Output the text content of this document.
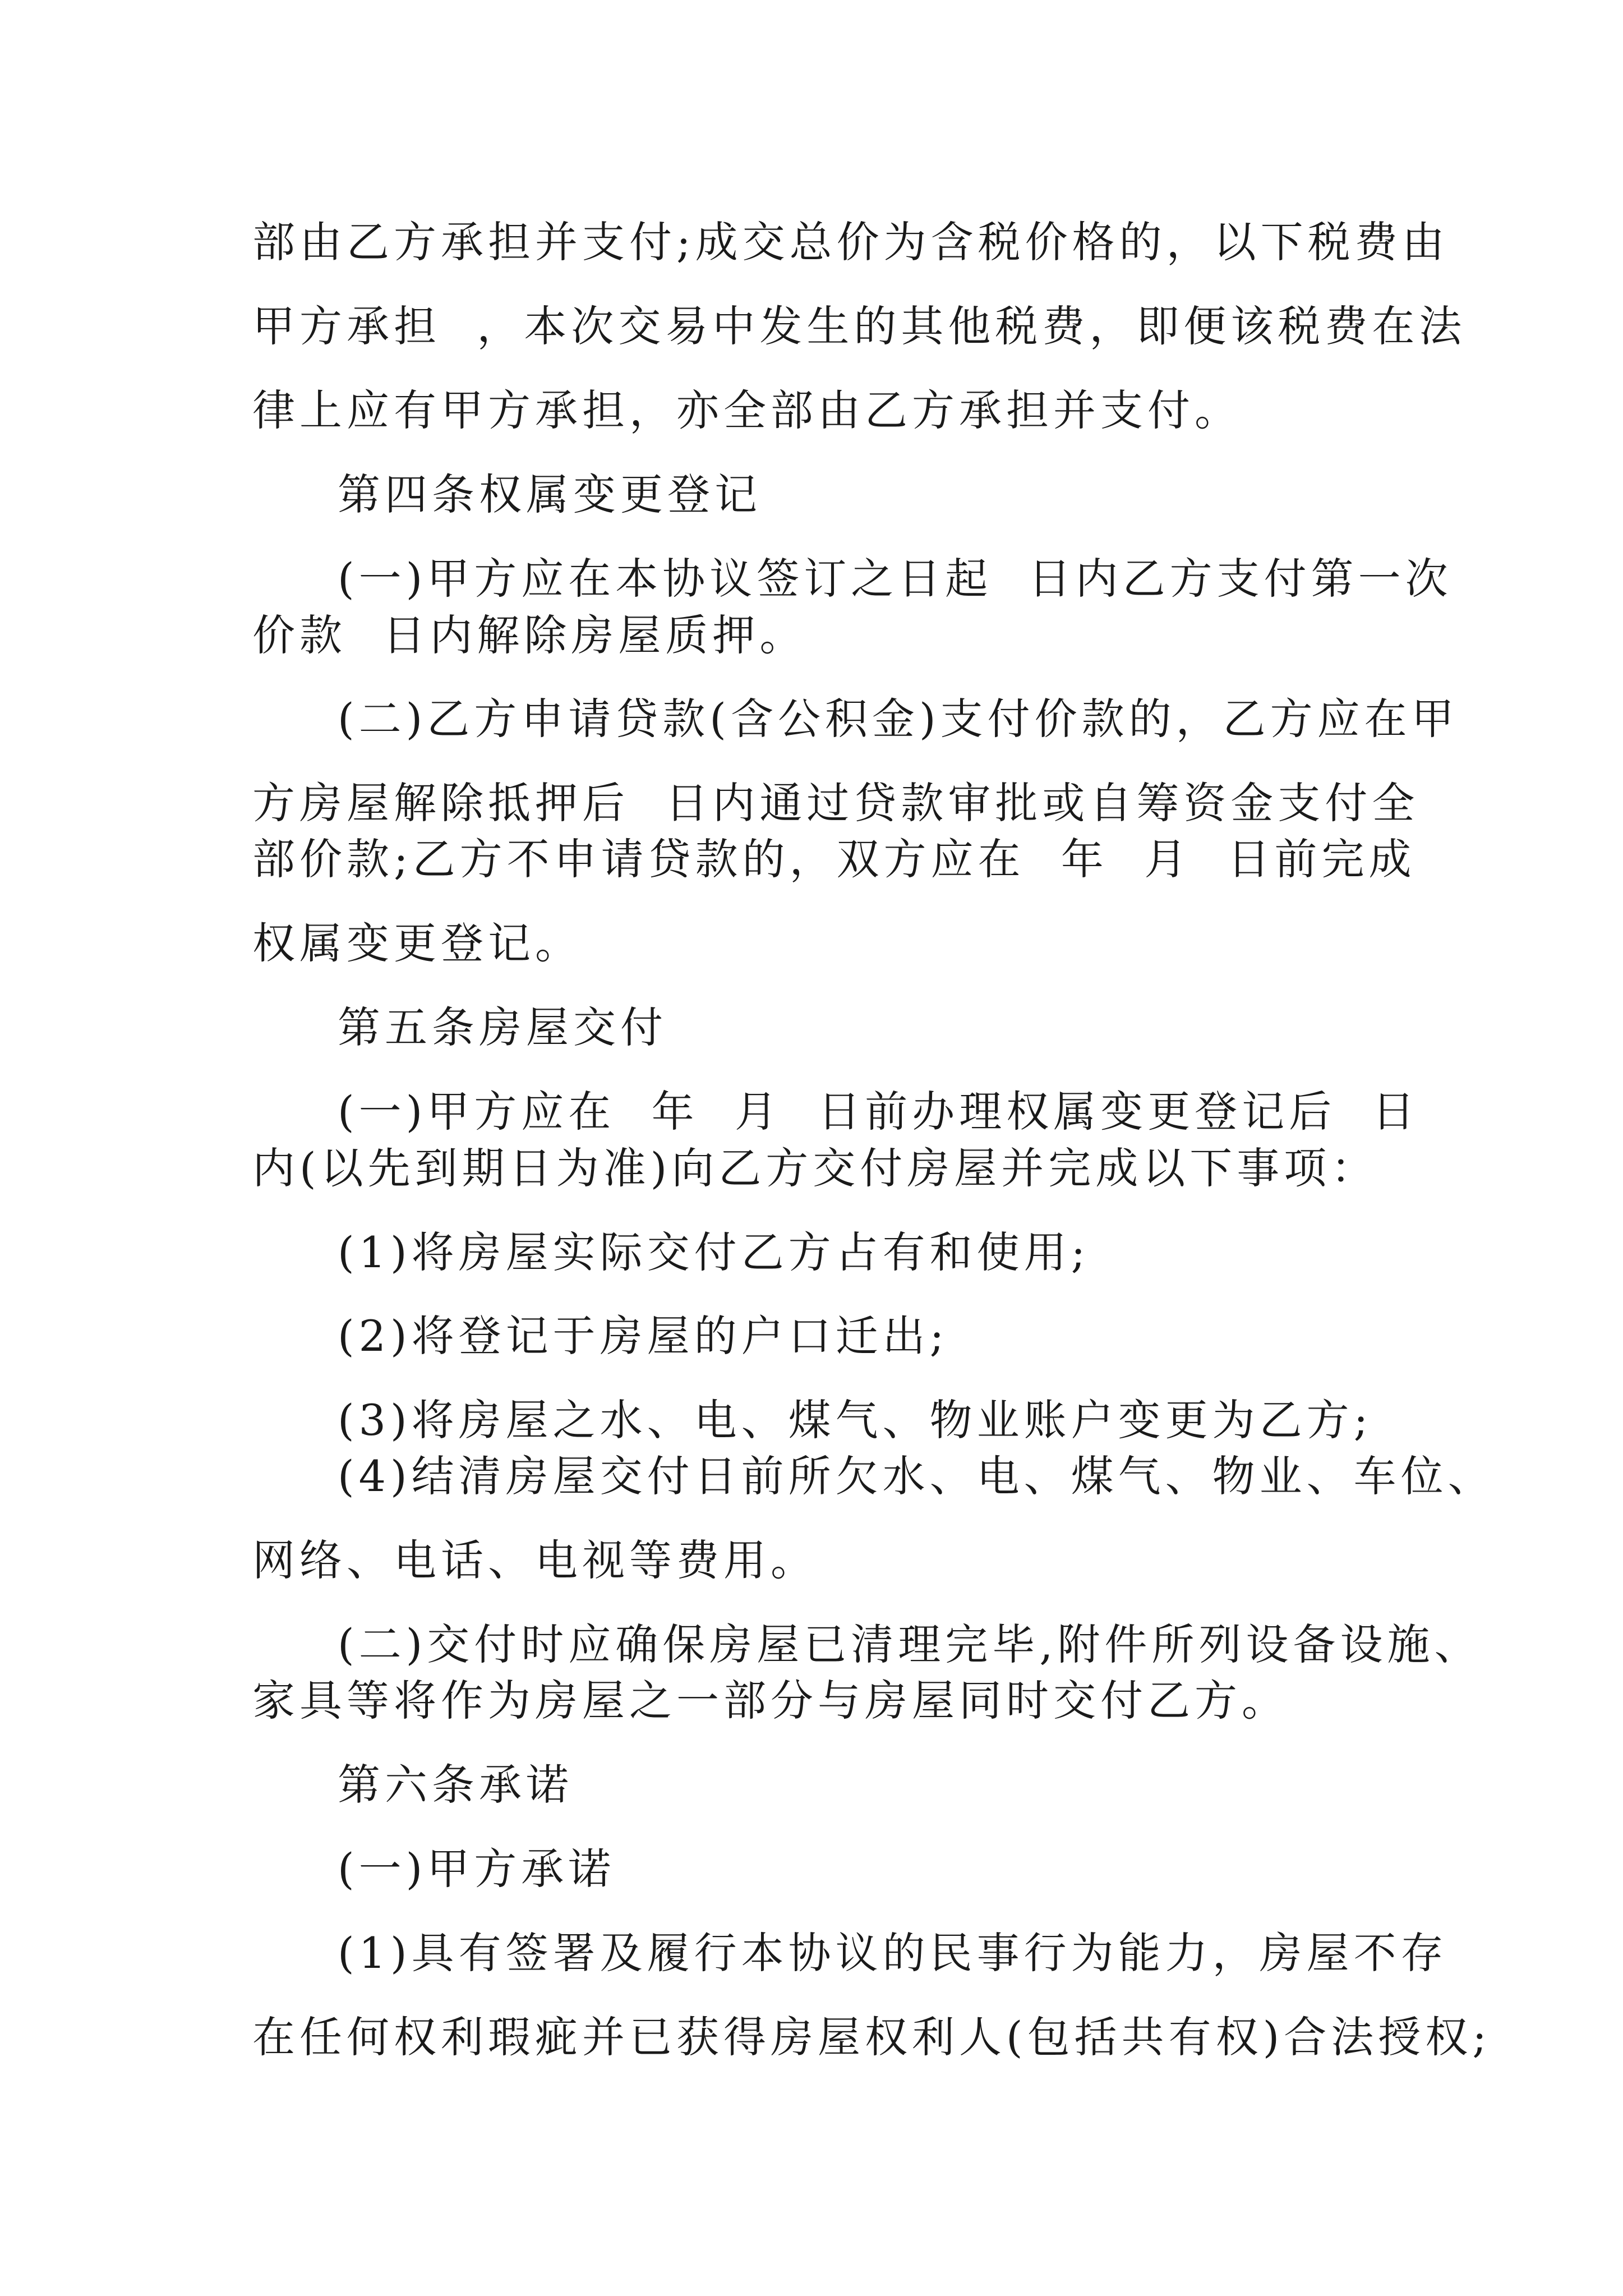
部由乙方承担并支付;成交总价为含税价格的，以下税费由
甲方承担  ，本次交易中发生的其他税费，即便该税费在法
律上应有甲方承担，亦全部由乙方承担并支付。
第四条权属变更登记
(一)甲方应在本协议签订之日起  日内乙方支付第一次
价款  日内解除房屋质押。
(二)乙方申请贷款(含公积金)支付价款的，乙方应在甲
方房屋解除抵押后  日内通过贷款审批或自筹资金支付全
部价款;乙方不申请贷款的，双方应在  年  月  日前完成
权属变更登记。
第五条房屋交付
(一)甲方应在  年  月  日前办理权属变更登记后  日
内(以先到期日为准)向乙方交付房屋并完成以下事项：
(1)将房屋实际交付乙方占有和使用;
(2)将登记于房屋的户口迁出;
(3)将房屋之水、电、煤气、物业账户变更为乙方;
(4)结清房屋交付日前所欠水、电、煤气、物业、车位、
网络、电话、电视等费用。
(二)交付时应确保房屋已清理完毕,附件所列设备设施、
家具等将作为房屋之一部分与房屋同时交付乙方。
第六条承诺
(一)甲方承诺
(1)具有签署及履行本协议的民事行为能力，房屋不存
在任何权利瑕疵并已获得房屋权利人(包括共有权)合法授权;
